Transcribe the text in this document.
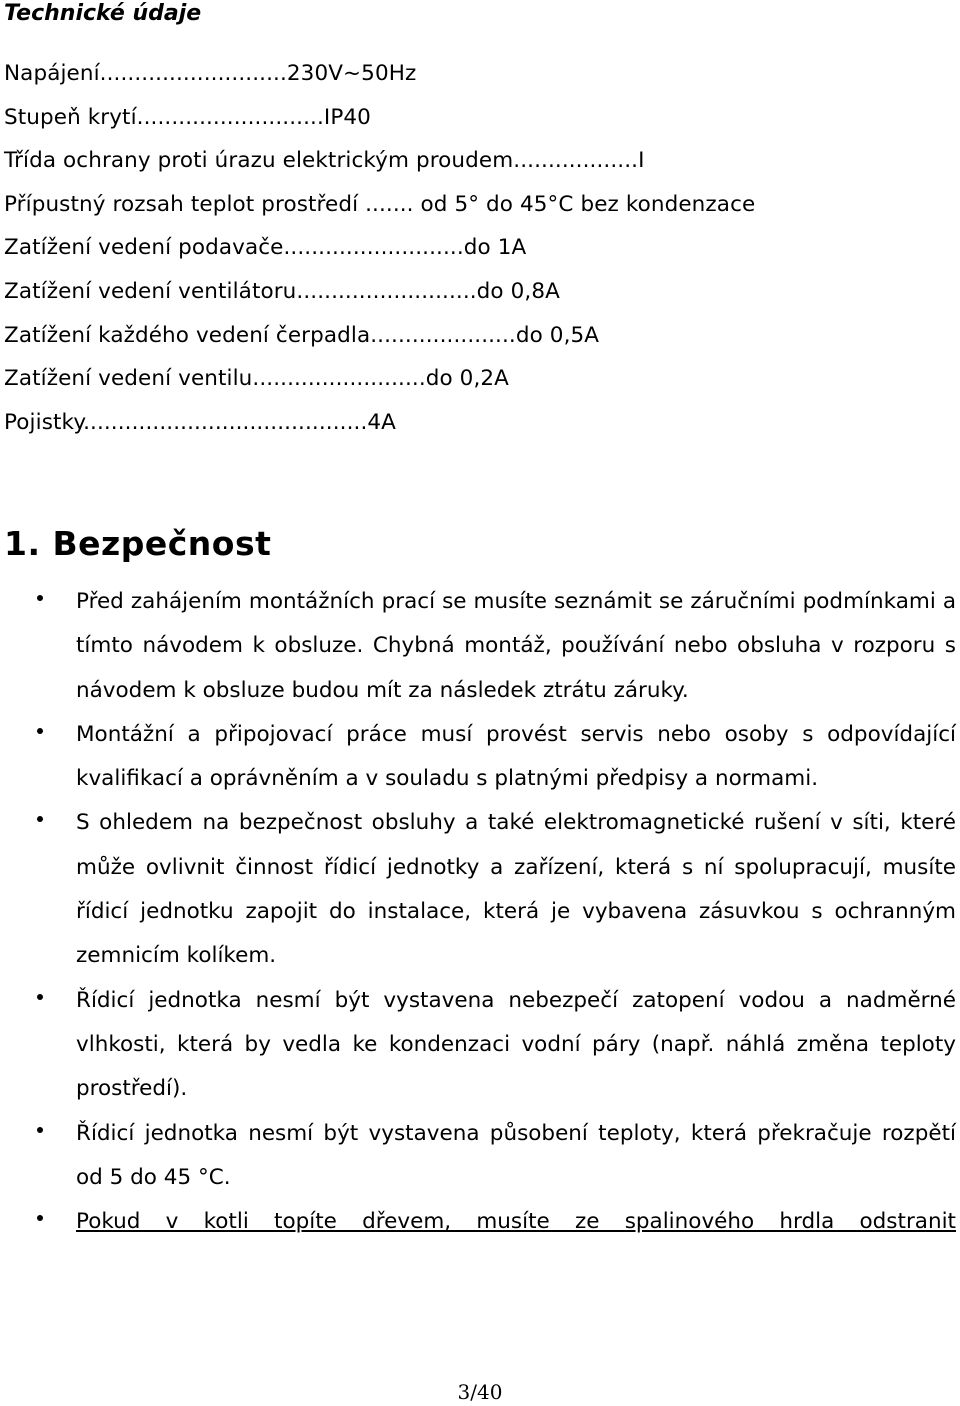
Technické údaje
Napájení...........................230V~50Hz
Stupeň krytí...........................IP40
Třída ochrany proti úrazu elektrickým proudem..................I
Přípustný rozsah teplot prostředí ....... od 5° do 45°C bez kondenzace
Zatížení vedení podavače..........................do 1A
Zatížení vedení ventilátoru..........................do 0,8A
Zatížení každého vedení čerpadla.....................do 0,5A
Zatížení vedení ventilu.........................do 0,2A
Pojistky.........................................4A
1. Bezpečnost
Před zahájením montážních prací se musíte seznámit se záručními podmínkami a tímto návodem k obsluze. Chybná montáž, používání nebo obsluha v rozporu s návodem k obsluze budou mít za následek ztrátu záruky.
Montážní a připojovací práce musí provést servis nebo osoby s odpovídající kvalifikací a oprávněním a v souladu s platnými předpisy a normami.
S ohledem na bezpečnost obsluhy a také elektromagnetické rušení v síti, které může ovlivnit činnost řídicí jednotky a zařízení, která s ní spolupracují, musíte řídicí jednotku zapojit do instalace, která je vybavena zásuvkou s ochranným zemnicím kolíkem.
Řídicí jednotka nesmí být vystavena nebezpečí zatopení vodou a nadměrné vlhkosti, která by vedla ke kondenzaci vodní páry (např. náhlá změna teploty prostředí).
Řídicí jednotka nesmí být vystavena působení teploty, která překračuje rozpětí od 5 do 45 °C.
Pokud v kotli topíte dřevem, musíte ze spalinového hrdla odstranit
3/40
